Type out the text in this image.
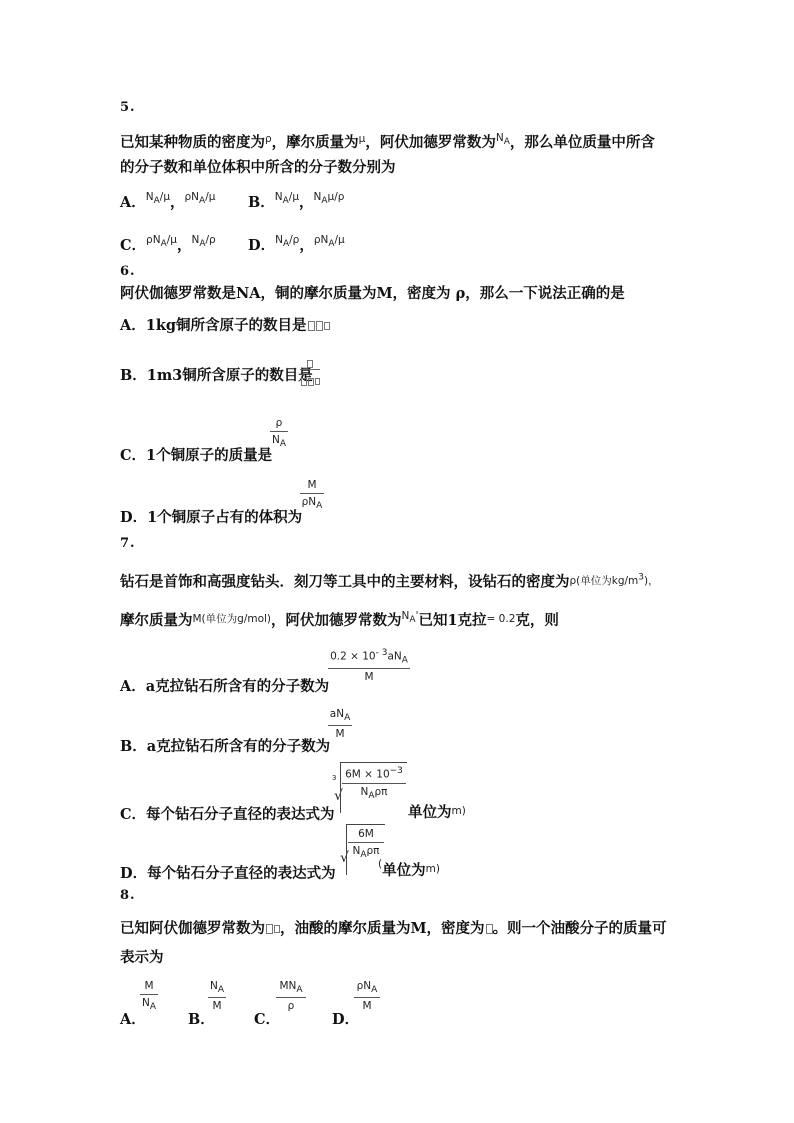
5.
已知某种物质的密度为$^\rho$，摩尔质量为$^\mu$，阿伏加德罗常数为$^{N_A}$，那么单位质量中所含
的分子数和单位体积中所含的分子数分别为
A．$^{N_A/\mu}$，$^{\rho N_A/\mu}$ B．$^{N_A/\mu}$，$^{N_A\mu/\rho}$
C．$^{\rho N_A/\mu}$，$^{N_A/\rho}$ D．$^{N_A/\rho}$，$^{\rho N_A/\mu}$
6.
阿伏伽德罗常数是NA，铜的摩尔质量为M，密度为 ρ，那么一下说法正确的是
A．1kg铜所含原子的数目是
B．1m3铜所含原子的数目是
C．1个铜原子的质量是
$\frac{\rho}{N_A}$
D．1个铜原子占有的体积为
M
$\rho N_A$
7.
钻石是首饰和高强度钻头．刻刀等工具中的主要材料，设钻石的密度为$^{\rho(单位为kg/m^3),}$
摩尔质量为$^{M(单位为g/mol)}$，阿伏加德罗常数为$^{N_A'}$已知1克拉$^{= 0.2}$克，则
A．a克拉钻石所含有的分子数为
$0.2 \times 10^{- 3}aN_A$
M
B．a克拉钻石所含有的分子数为
$aN_A$
M
C．每个钻石分子直径的表达式为
3
√
$6M \times 10^{-3}$
$N_A\rho\pi$
单位为$^{m)}$
D．每个钻石分子直径的表达式为
√
6M
$N_A\rho\pi$
(单位为$^{m)}$
8.
已知阿伏伽德罗常数为 ，油酸的摩尔质量为M，密度为 。则一个油酸分子的质量可
表示为
A．
$\frac{M}{N_A}$
B．
$\frac{N_A}{M}$
C．
$MN_A$
ρ
D．
$\rho N_A$
M
